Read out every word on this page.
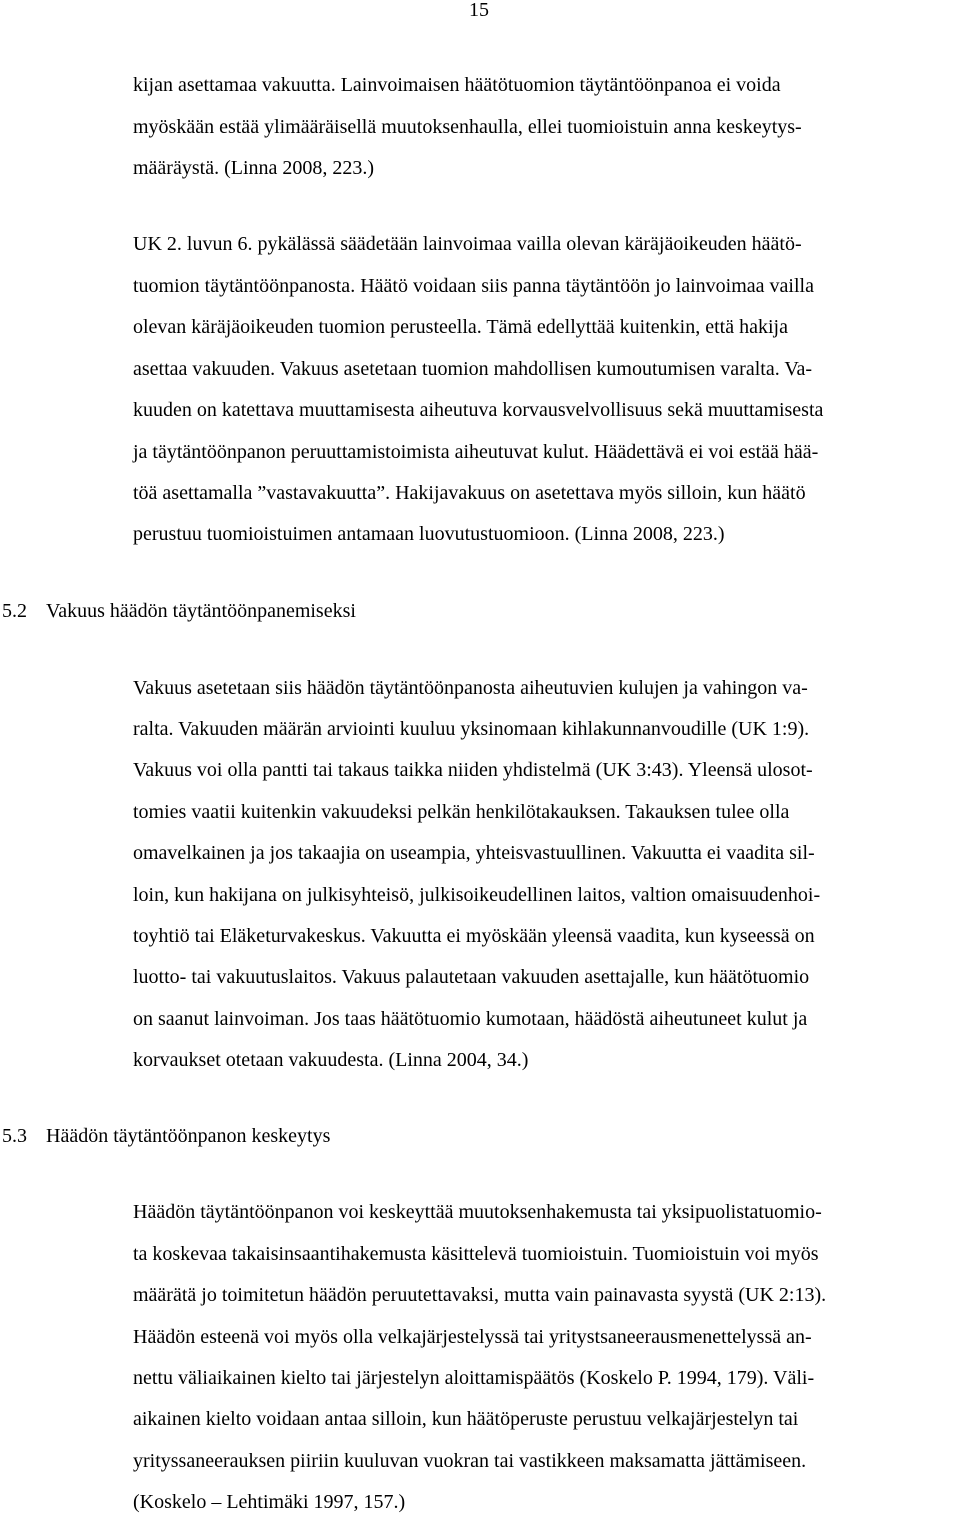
15
kijan asettamaa vakuutta. Lainvoimaisen häätötuomion täytäntöönpanoa ei voida
myöskään estää ylimääräisellä muutoksenhaulla, ellei tuomioistuin anna keskeytys-
määräystä. (Linna 2008, 223.)
UK 2. luvun 6. pykälässä säädetään lainvoimaa vailla olevan käräjäoikeuden häätö-
tuomion täytäntöönpanosta. Häätö voidaan siis panna täytäntöön jo lainvoimaa vailla
olevan käräjäoikeuden tuomion perusteella. Tämä edellyttää kuitenkin, että hakija
asettaa vakuuden. Vakuus asetetaan tuomion mahdollisen kumoutumisen varalta. Va-
kuuden on katettava muuttamisesta aiheutuva korvausvelvollisuus sekä muuttamisesta
ja täytäntöönpanon peruuttamistoimista aiheutuvat kulut. Häädettävä ei voi estää hää-
töä asettamalla ”vastavakuutta”. Hakijavakuus on asetettava myös silloin, kun häätö
perustuu tuomioistuimen antamaan luovutustuomioon. (Linna 2008, 223.)
5.2 Vakuus häädön täytäntöönpanemiseksi
Vakuus asetetaan siis häädön täytäntöönpanosta aiheutuvien kulujen ja vahingon va-
ralta. Vakuuden määrän arviointi kuuluu yksinomaan kihlakunnanvoudille (UK 1:9).
Vakuus voi olla pantti tai takaus taikka niiden yhdistelmä (UK 3:43). Yleensä ulosot-
tomies vaatii kuitenkin vakuudeksi pelkän henkilötakauksen. Takauksen tulee olla
omavelkainen ja jos takaajia on useampia, yhteisvastuullinen. Vakuutta ei vaadita sil-
loin, kun hakijana on julkisyhteisö, julkisoikeudellinen laitos, valtion omaisuudenhoi-
toyhtiö tai Eläketurvakeskus. Vakuutta ei myöskään yleensä vaadita, kun kyseessä on
luotto- tai vakuutuslaitos. Vakuus palautetaan vakuuden asettajalle, kun häätötuomio
on saanut lainvoiman. Jos taas häätötuomio kumotaan, häädöstä aiheutuneet kulut ja
korvaukset otetaan vakuudesta. (Linna 2004, 34.)
5.3 Häädön täytäntöönpanon keskeytys
Häädön täytäntöönpanon voi keskeyttää muutoksenhakemusta tai yksipuolistatuomio-
ta koskevaa takaisinsaantihakemusta käsittelevä tuomioistuin. Tuomioistuin voi myös
määrätä jo toimitetun häädön peruutettavaksi, mutta vain painavasta syystä (UK 2:13).
Häädön esteenä voi myös olla velkajärjestelyssä tai yritystsaneerausmenettelyssä an-
nettu väliaikainen kielto tai järjestelyn aloittamispäätös (Koskelo P. 1994, 179). Väli-
aikainen kielto voidaan antaa silloin, kun häätöperuste perustuu velkajärjestelyn tai
yrityssaneerauksen piiriin kuuluvan vuokran tai vastikkeen maksamatta jättämiseen.
(Koskelo – Lehtimäki 1997, 157.)
